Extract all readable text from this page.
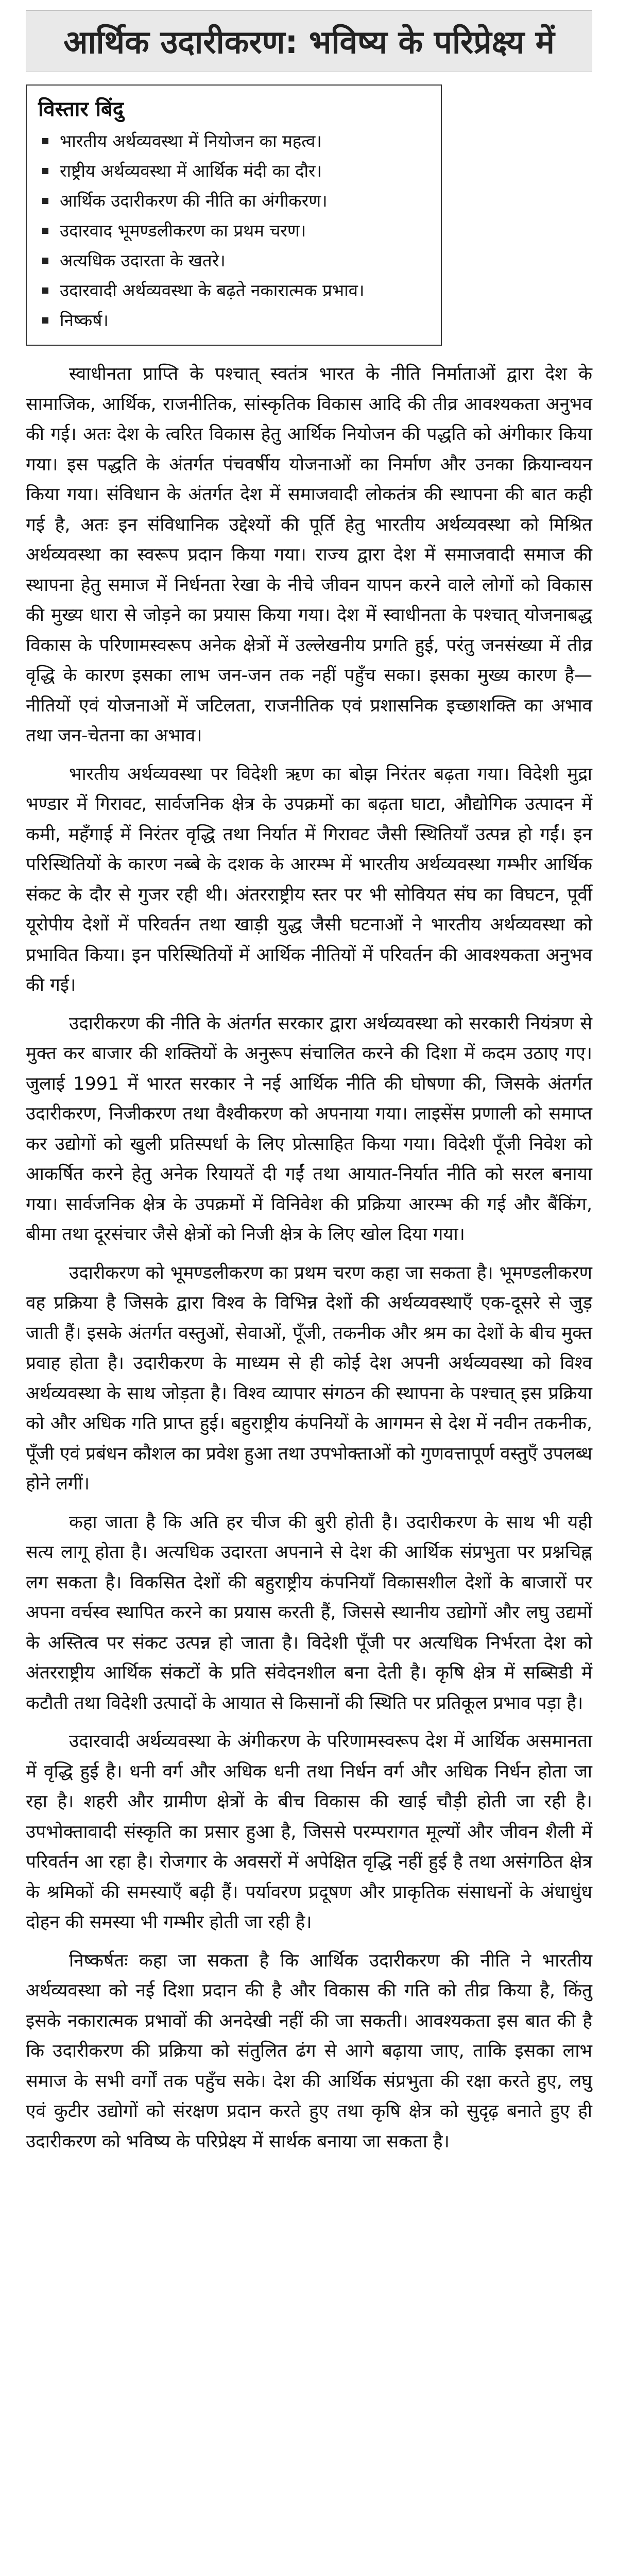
आर्थिक उदारीकरण: भविष्य के परिप्रेक्ष्य में
विस्तार बिंदु
भारतीय अर्थव्यवस्था में नियोजन का महत्व।
राष्ट्रीय अर्थव्यवस्था में आर्थिक मंदी का दौर।
आर्थिक उदारीकरण की नीति का अंगीकरण।
उदारवाद भूमण्डलीकरण का प्रथम चरण।
अत्यधिक उदारता के खतरे।
उदारवादी अर्थव्यवस्था के बढ़ते नकारात्मक प्रभाव।
निष्कर्ष।

स्वाधीनता प्राप्ति के पश्चात् स्वतंत्र भारत के नीति निर्माताओं द्वारा देश के सामाजिक, आर्थिक, राजनीतिक, सांस्कृतिक विकास आदि की तीव्र आवश्यकता अनुभव की गई। अतः देश के त्वरित विकास हेतु आर्थिक नियोजन की पद्धति को अंगीकार किया गया। इस पद्धति के अंतर्गत पंचवर्षीय योजनाओं का निर्माण और उनका क्रियान्वयन किया गया। संविधान के अंतर्गत देश में समाजवादी लोकतंत्र की स्थापना की बात कही गई है, अतः इन संविधानिक उद्देश्यों की पूर्ति हेतु भारतीय अर्थव्यवस्था को मिश्रित अर्थव्यवस्था का स्वरूप प्रदान किया गया। राज्य द्वारा देश में समाजवादी समाज की स्थापना हेतु समाज में निर्धनता रेखा के नीचे जीवन यापन करने वाले लोगों को विकास की मुख्य धारा से जोड़ने का प्रयास किया गया। देश में स्वाधीनता के पश्चात् योजनाबद्ध विकास के परिणामस्वरूप अनेक क्षेत्रों में उल्लेखनीय प्रगति हुई, परंतु जनसंख्या में तीव्र वृद्धि के कारण इसका लाभ जन-जन तक नहीं पहुँच सका। इसका मुख्य कारण है—नीतियों एवं योजनाओं में जटिलता, राजनीतिक एवं प्रशासनिक इच्छाशक्ति का अभाव तथा जन-चेतना का अभाव।

भारतीय अर्थव्यवस्था पर विदेशी ऋण का बोझ निरंतर बढ़ता गया। विदेशी मुद्रा भण्डार में गिरावट, सार्वजनिक क्षेत्र के उपक्रमों का बढ़ता घाटा, औद्योगिक उत्पादन में कमी, महँगाई में निरंतर वृद्धि तथा निर्यात में गिरावट जैसी स्थितियाँ उत्पन्न हो गईं। इन परिस्थितियों के कारण नब्बे के दशक के आरम्भ में भारतीय अर्थव्यवस्था गम्भीर आर्थिक संकट के दौर से गुजर रही थी। अंतरराष्ट्रीय स्तर पर भी सोवियत संघ का विघटन, पूर्वी यूरोपीय देशों में परिवर्तन तथा खाड़ी युद्ध जैसी घटनाओं ने भारतीय अर्थव्यवस्था को प्रभावित किया। इन परिस्थितियों में आर्थिक नीतियों में परिवर्तन की आवश्यकता अनुभव की गई।

उदारीकरण की नीति के अंतर्गत सरकार द्वारा अर्थव्यवस्था को सरकारी नियंत्रण से मुक्त कर बाजार की शक्तियों के अनुरूप संचालित करने की दिशा में कदम उठाए गए। जुलाई 1991 में भारत सरकार ने नई आर्थिक नीति की घोषणा की, जिसके अंतर्गत उदारीकरण, निजीकरण तथा वैश्वीकरण को अपनाया गया। लाइसेंस प्रणाली को समाप्त कर उद्योगों को खुली प्रतिस्पर्धा के लिए प्रोत्साहित किया गया। विदेशी पूँजी निवेश को आकर्षित करने हेतु अनेक रियायतें दी गईं तथा आयात-निर्यात नीति को सरल बनाया गया। सार्वजनिक क्षेत्र के उपक्रमों में विनिवेश की प्रक्रिया आरम्भ की गई और बैंकिंग, बीमा तथा दूरसंचार जैसे क्षेत्रों को निजी क्षेत्र के लिए खोल दिया गया।

उदारीकरण को भूमण्डलीकरण का प्रथम चरण कहा जा सकता है। भूमण्डलीकरण वह प्रक्रिया है जिसके द्वारा विश्व के विभिन्न देशों की अर्थव्यवस्थाएँ एक-दूसरे से जुड़ जाती हैं। इसके अंतर्गत वस्तुओं, सेवाओं, पूँजी, तकनीक और श्रम का देशों के बीच मुक्त प्रवाह होता है। उदारीकरण के माध्यम से ही कोई देश अपनी अर्थव्यवस्था को विश्व अर्थव्यवस्था के साथ जोड़ता है। विश्व व्यापार संगठन की स्थापना के पश्चात् इस प्रक्रिया को और अधिक गति प्राप्त हुई। बहुराष्ट्रीय कंपनियों के आगमन से देश में नवीन तकनीक, पूँजी एवं प्रबंधन कौशल का प्रवेश हुआ तथा उपभोक्ताओं को गुणवत्तापूर्ण वस्तुएँ उपलब्ध होने लगीं।

कहा जाता है कि अति हर चीज की बुरी होती है। उदारीकरण के साथ भी यही सत्य लागू होता है। अत्यधिक उदारता अपनाने से देश की आर्थिक संप्रभुता पर प्रश्नचिह्न लग सकता है। विकसित देशों की बहुराष्ट्रीय कंपनियाँ विकासशील देशों के बाजारों पर अपना वर्चस्व स्थापित करने का प्रयास करती हैं, जिससे स्थानीय उद्योगों और लघु उद्यमों के अस्तित्व पर संकट उत्पन्न हो जाता है। विदेशी पूँजी पर अत्यधिक निर्भरता देश को अंतरराष्ट्रीय आर्थिक संकटों के प्रति संवेदनशील बना देती है। कृषि क्षेत्र में सब्सिडी में कटौती तथा विदेशी उत्पादों के आयात से किसानों की स्थिति पर प्रतिकूल प्रभाव पड़ा है।

उदारवादी अर्थव्यवस्था के अंगीकरण के परिणामस्वरूप देश में आर्थिक असमानता में वृद्धि हुई है। धनी वर्ग और अधिक धनी तथा निर्धन वर्ग और अधिक निर्धन होता जा रहा है। शहरी और ग्रामीण क्षेत्रों के बीच विकास की खाई चौड़ी होती जा रही है। उपभोक्तावादी संस्कृति का प्रसार हुआ है, जिससे परम्परागत मूल्यों और जीवन शैली में परिवर्तन आ रहा है। रोजगार के अवसरों में अपेक्षित वृद्धि नहीं हुई है तथा असंगठित क्षेत्र के श्रमिकों की समस्याएँ बढ़ी हैं। पर्यावरण प्रदूषण और प्राकृतिक संसाधनों के अंधाधुंध दोहन की समस्या भी गम्भीर होती जा रही है।

निष्कर्षतः कहा जा सकता है कि आर्थिक उदारीकरण की नीति ने भारतीय अर्थव्यवस्था को नई दिशा प्रदान की है और विकास की गति को तीव्र किया है, किंतु इसके नकारात्मक प्रभावों की अनदेखी नहीं की जा सकती। आवश्यकता इस बात की है कि उदारीकरण की प्रक्रिया को संतुलित ढंग से आगे बढ़ाया जाए, ताकि इसका लाभ समाज के सभी वर्गों तक पहुँच सके। देश की आर्थिक संप्रभुता की रक्षा करते हुए, लघु एवं कुटीर उद्योगों को संरक्षण प्रदान करते हुए तथा कृषि क्षेत्र को सुदृढ़ बनाते हुए ही उदारीकरण को भविष्य के परिप्रेक्ष्य में सार्थक बनाया जा सकता है।
